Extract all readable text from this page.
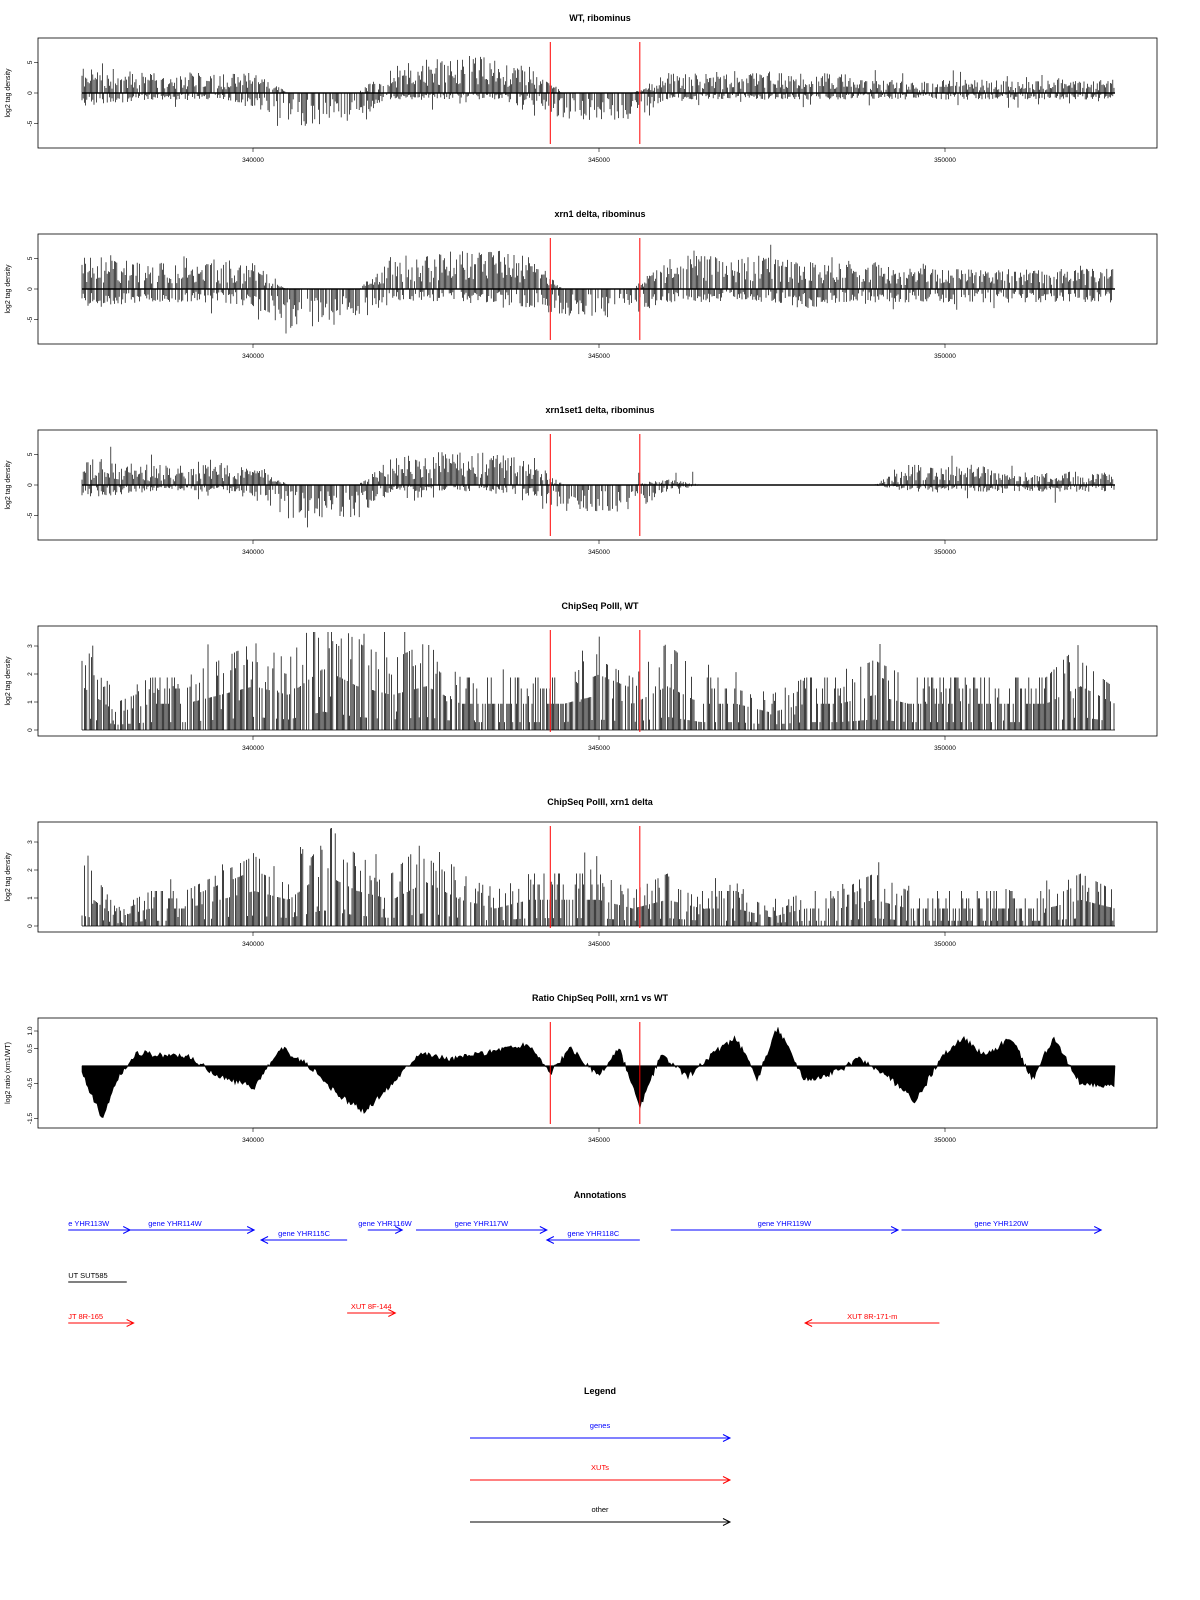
WT, ribominus
log2 tag density
-5
0
5
340000	345000	350000
xrn1 delta, ribominus
log2 tag density
-5
0
5
340000	345000	350000
xrn1set1 delta, ribominus
log2 tag density
-5
0
5
340000	345000	350000
ChipSeq PolII, WT
log2 tag density
0
1
2
3
340000	345000	350000
ChipSeq PolII, xrn1 delta
log2 tag density
0
1
2
3
340000	345000	350000
Ratio ChipSeq PolII, xrn1 vs WT
log2 ratio (xrn1/WT)
-1.5
-0.5
0.5
1.0
340000	345000	350000
Annotations
e YHR113W	gene YHR114W
gene YHR115C
gene YHR116W	gene YHR117W
gene YHR118C
gene YHR119W	gene YHR120W
UT SUT585
JT 8R-165
XUT 8F-144
XUT 8R-171-m
Legend
genes
XUTs
other
